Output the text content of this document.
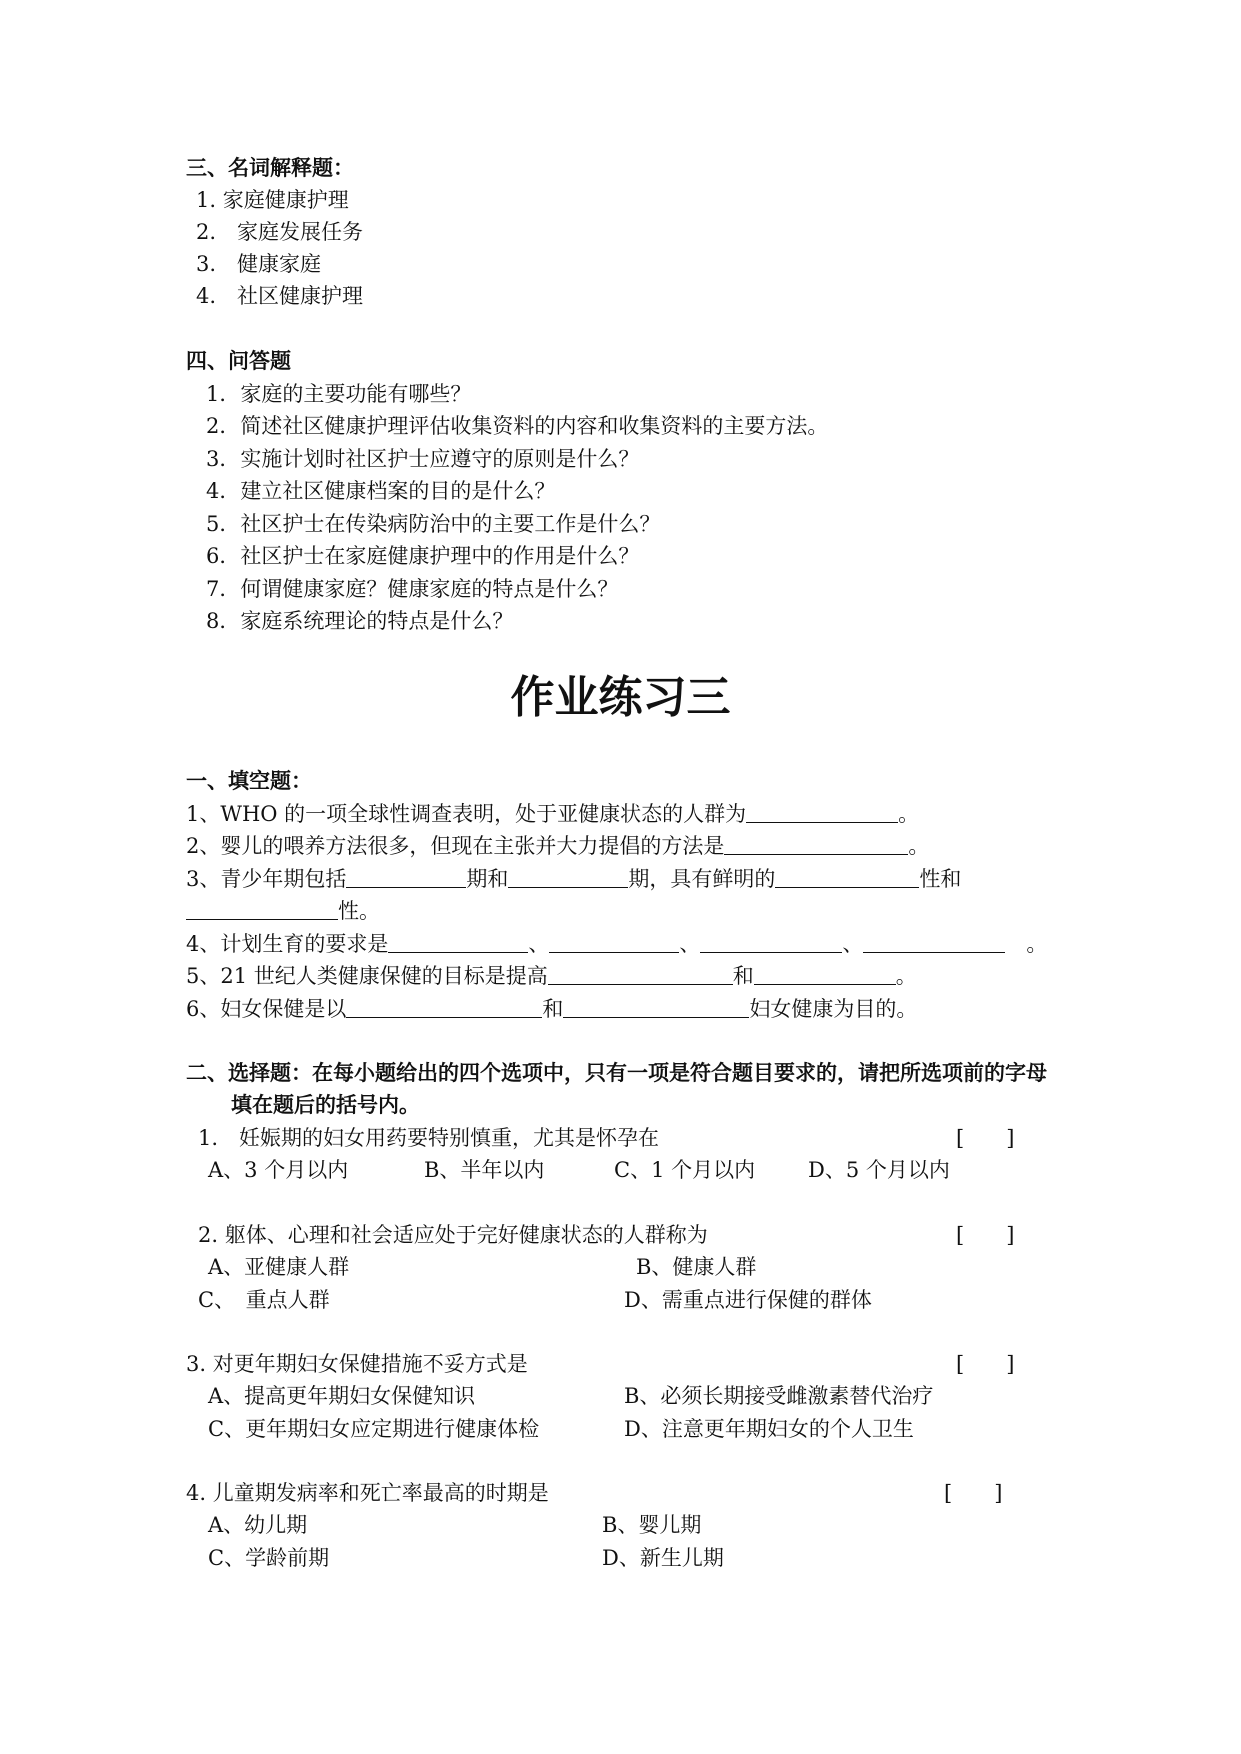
三、名词解释题：
1. 家庭健康护理
2.　家庭发展任务
3.　健康家庭
4.　社区健康护理
四、问答题
1．家庭的主要功能有哪些？
2．简述社区健康护理评估收集资料的内容和收集资料的主要方法。
3．实施计划时社区护士应遵守的原则是什么？
4．建立社区健康档案的目的是什么？
5．社区护士在传染病防治中的主要工作是什么？
6．社区护士在家庭健康护理中的作用是什么？
7．何谓健康家庭？健康家庭的特点是什么？
8．家庭系统理论的特点是什么？
作业练习三
一、填空题：
1、WHO 的一项全球性调查表明，处于亚健康状态的人群为	。
2、婴儿的喂养方法很多，但现在主张并大力提倡的方法是	。
3、青少年期包括	期和	期，具有鲜明的	性和
性。
4、计划生育的要求是	、	、	、	　。
5、21 世纪人类健康保健的目标是提高	和	。
6、妇女保健是以	和	妇女健康为目的。
二、选择题：在每小题给出的四个选项中，只有一项是符合题目要求的，请把所选项前的字母
填在题后的括号内。
1.　妊娠期的妇女用药要特别慎重，尤其是怀孕在	[　　]
A、3 个月以内	B、半年以内	C、1 个月以内	D、5 个月以内
2. 躯体、心理和社会适应处于完好健康状态的人群称为	[　　]
A、亚健康人群	B、健康人群
C、　重点人群	D、需重点进行保健的群体
3. 对更年期妇女保健措施不妥方式是	[　　]
A、提高更年期妇女保健知识	B、必须长期接受雌激素替代治疗
C、更年期妇女应定期进行健康体检	D、注意更年期妇女的个人卫生
4. 儿童期发病率和死亡率最高的时期是	[　　]
A、幼儿期	B、婴儿期
C、学龄前期	D、新生儿期
